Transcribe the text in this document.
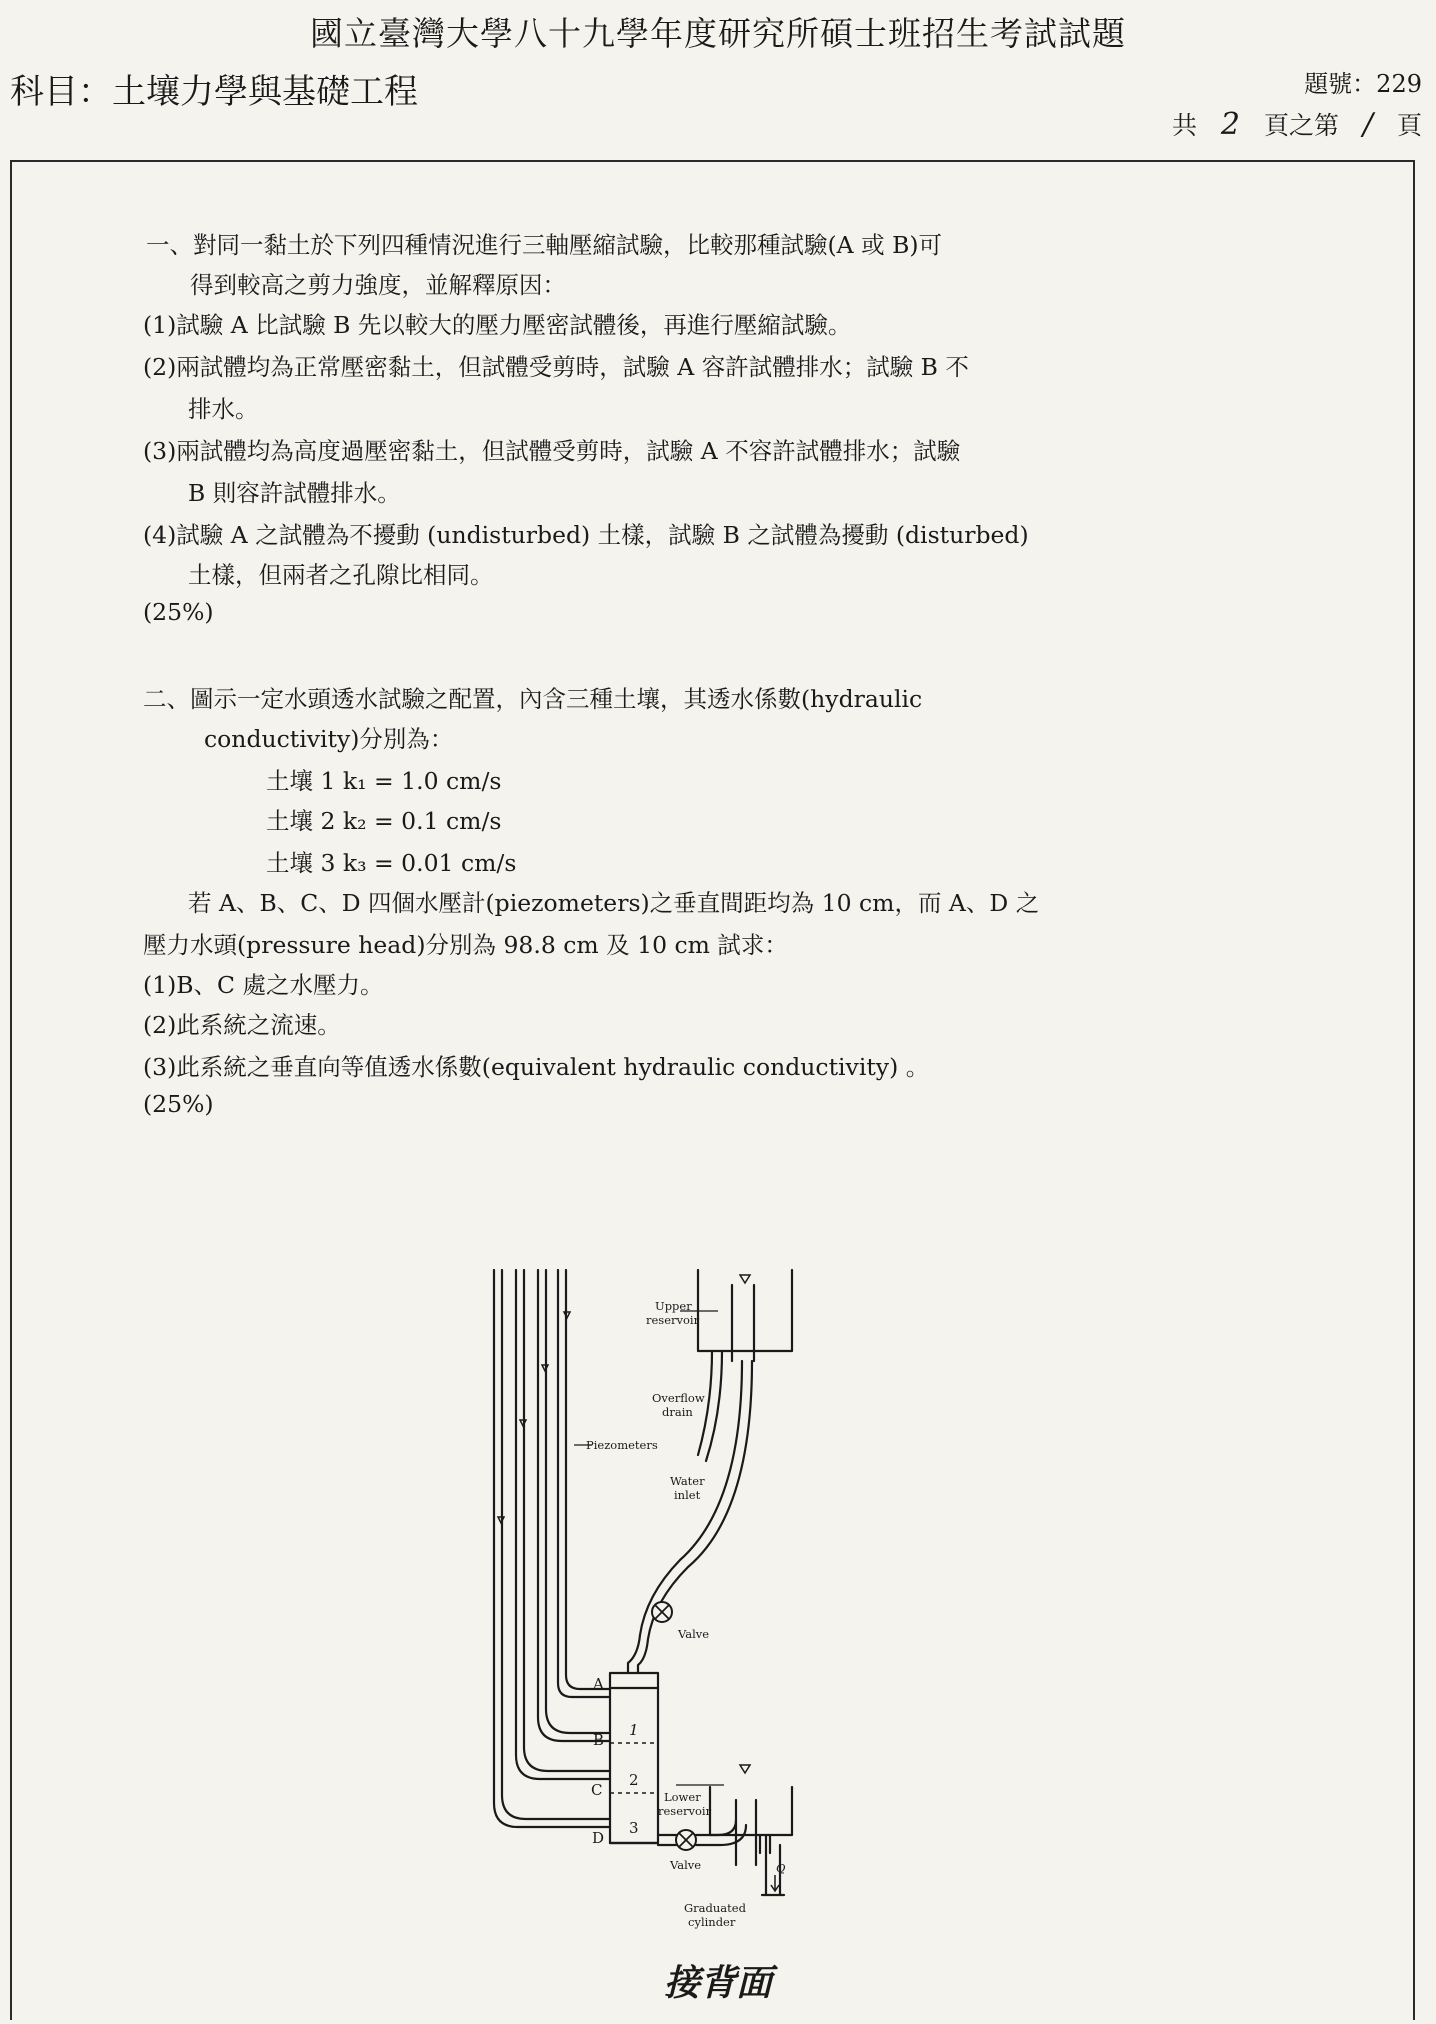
國立臺灣大學八十九學年度研究所碩士班招生考試試題
科目：土壤力學與基礎工程	題號：229
共 2 頁之第 / 頁
一、對同一黏土於下列四種情況進行三軸壓縮試驗，比較那種試驗(A 或 B)可
得到較高之剪力強度，並解釋原因：
(1)試驗 A 比試驗 B 先以較大的壓力壓密試體後，再進行壓縮試驗。
(2)兩試體均為正常壓密黏土，但試體受剪時，試驗 A 容許試體排水；試驗 B 不
排水。
(3)兩試體均為高度過壓密黏土，但試體受剪時，試驗 A 不容許試體排水；試驗
B 則容許試體排水。
(4)試驗 A 之試體為不擾動 (undisturbed) 土樣，試驗 B 之試體為擾動 (disturbed)
土樣，但兩者之孔隙比相同。
(25%)
二、圖示一定水頭透水試驗之配置，內含三種土壤，其透水係數(hydraulic
conductivity)分別為：
土壤 1 k₁ = 1.0 cm/s
土壤 2 k₂ = 0.1 cm/s
土壤 3 k₃ = 0.01 cm/s
若 A、B、C、D 四個水壓計(piezometers)之垂直間距均為 10 cm，而 A、D 之
壓力水頭(pressure head)分別為 98.8 cm 及 10 cm 試求：
(1)B、C 處之水壓力。
(2)此系統之流速。
(3)此系統之垂直向等值透水係數(equivalent hydraulic conductivity) 。
(25%)
Upper
reservoir
Overflow
drain
Piezometers
Water
inlet
Valve
Lower
reservoir
Valve
Graduated
cylinder
Q
A
B
C
D
1
2
3
接背面
